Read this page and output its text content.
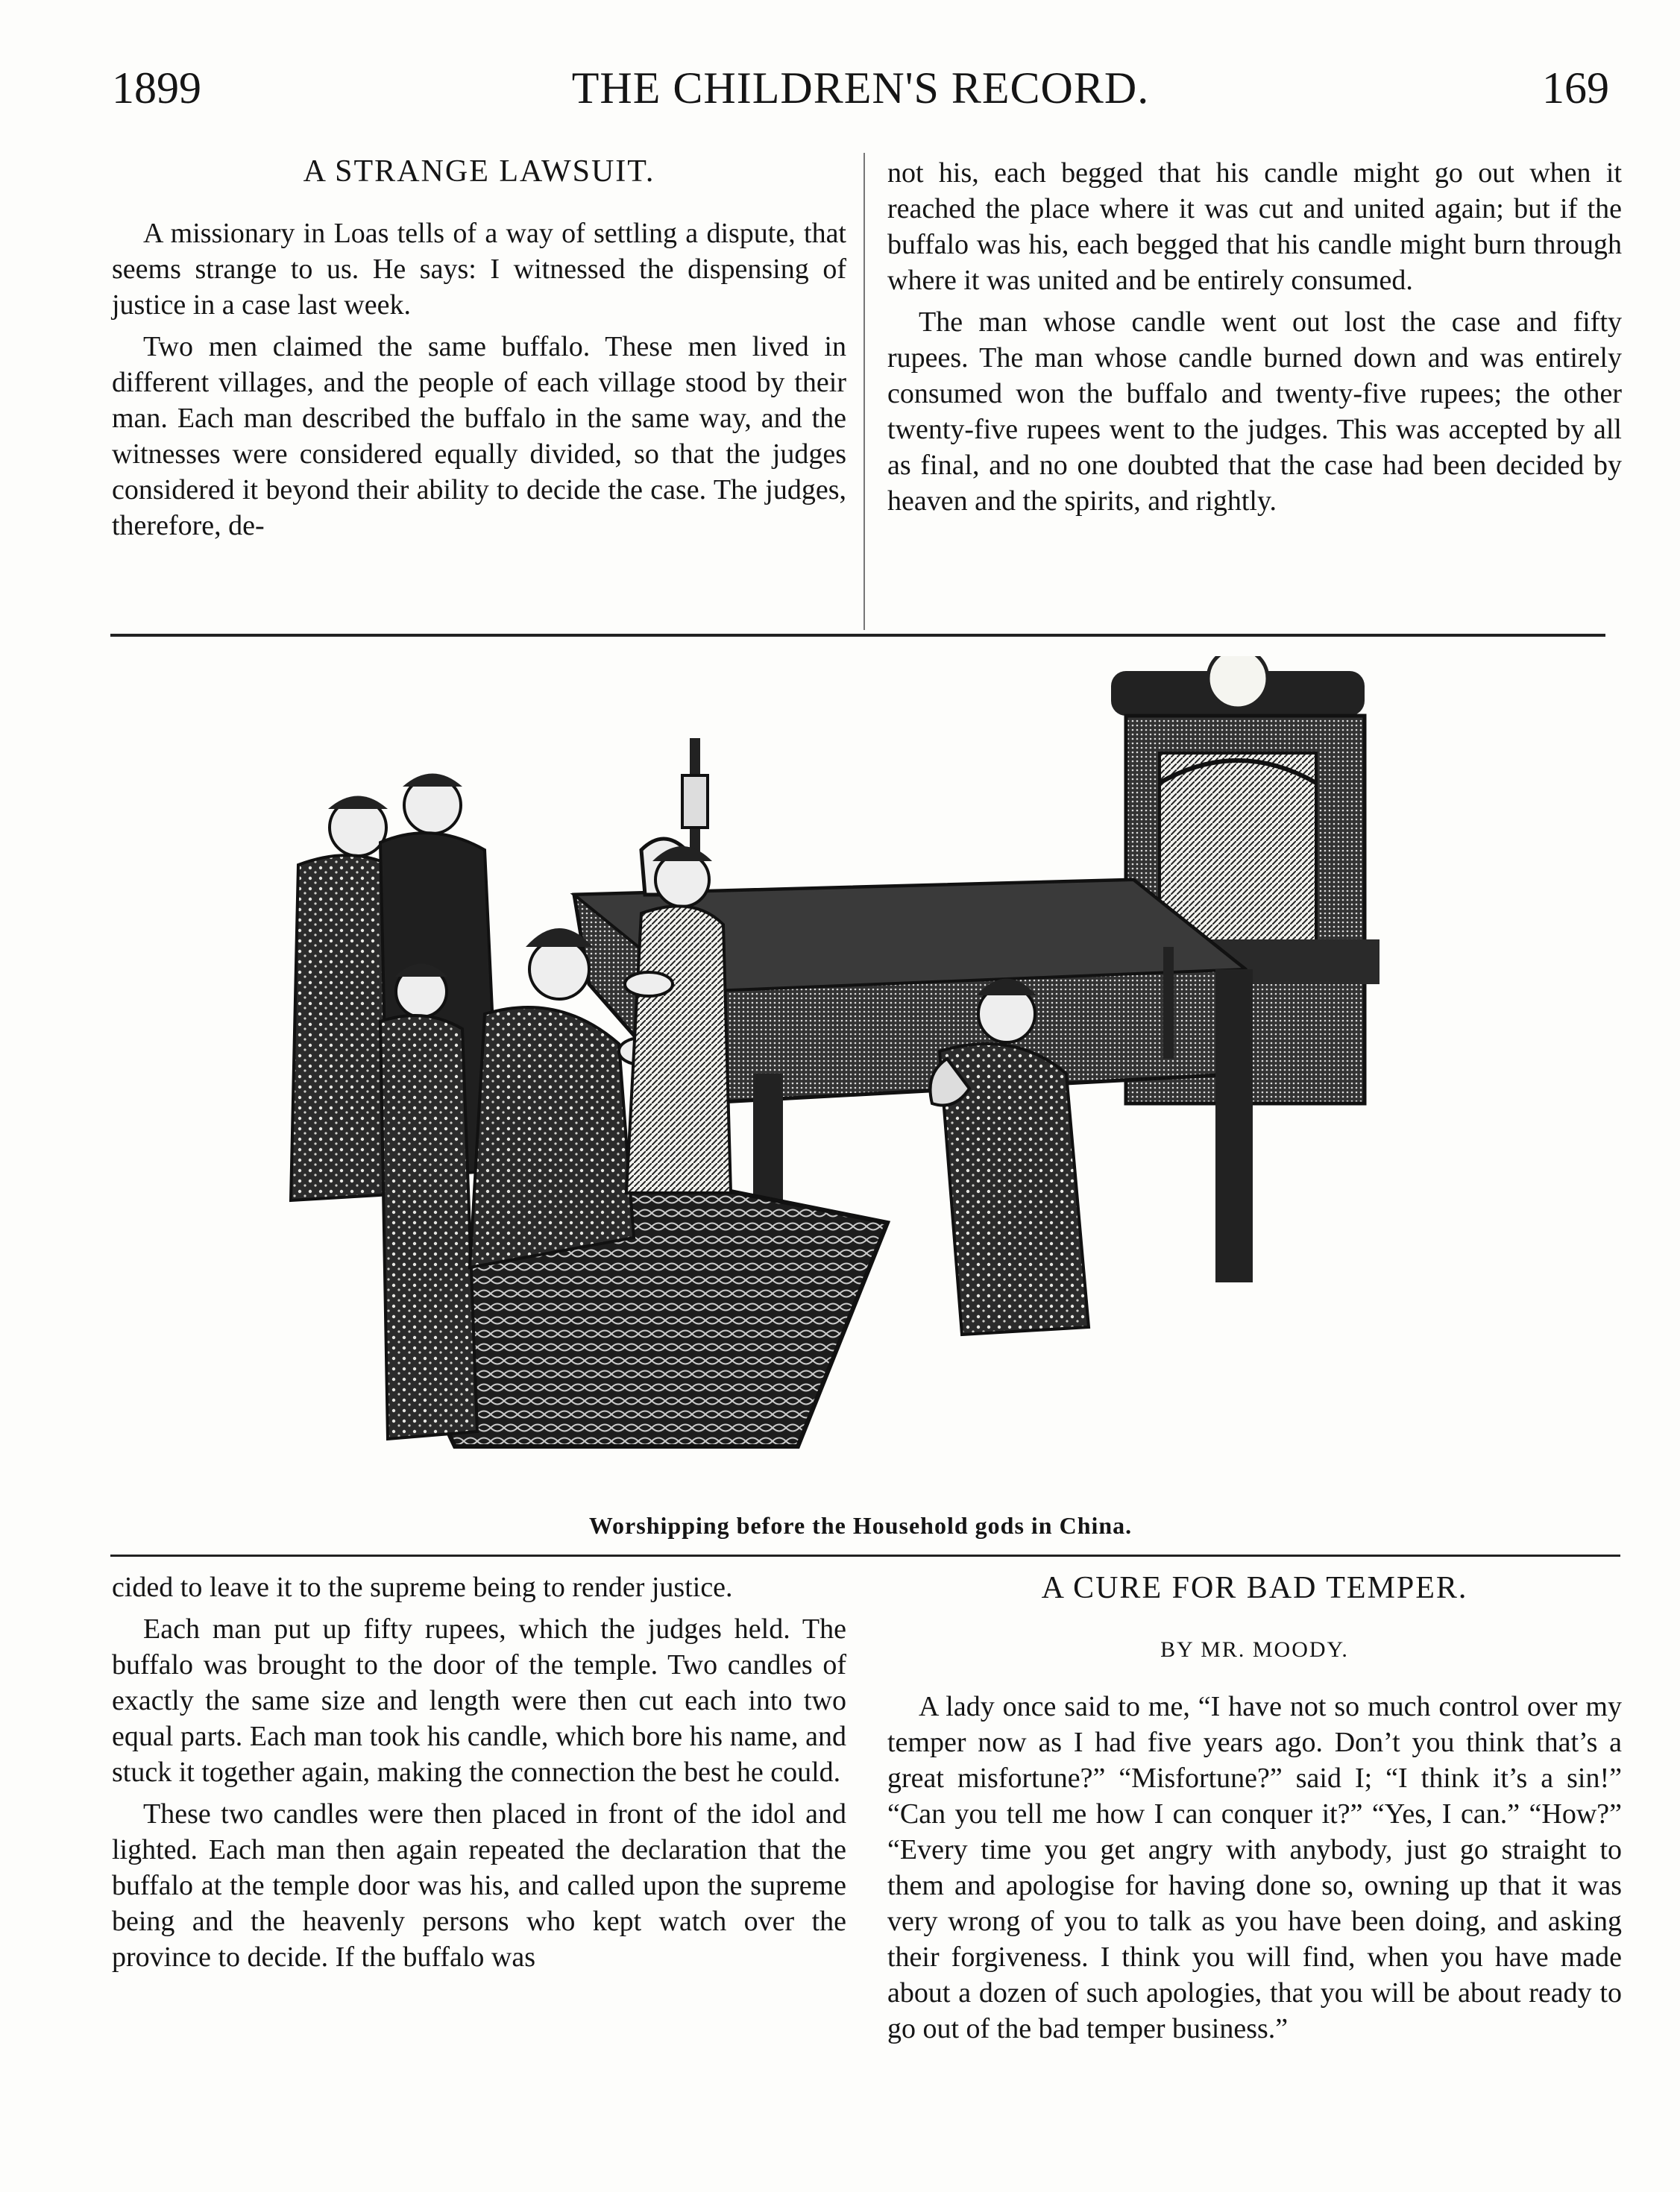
1899	THE CHILDREN'S RECORD.	169
A STRANGE LAWSUIT.

A missionary in Loas tells of a way of settling a dispute, that seems strange to us. He says: I witnessed the dispensing of justice in a case last week.

Two men claimed the same buffalo. These men lived in different villages, and the people of each village stood by their man. Each man described the buffalo in the same way, and the witnesses were considered equally divided, so that the judges considered it beyond their ability to decide the case. The judges, therefore, de-

not his, each begged that his candle might go out when it reached the place where it was cut and united again; but if the buffalo was his, each begged that his candle might burn through where it was united and be entirely consumed.

The man whose candle went out lost the case and fifty rupees. The man whose candle burned down and was entirely consumed won the buffalo and twenty-five rupees; the other twenty-five rupees went to the judges. This was accepted by all as final, and no one doubted that the case had been decided by heaven and the spirits, and rightly.

Worshipping before the Household gods in China.

cided to leave it to the supreme being to render justice.

Each man put up fifty rupees, which the judges held. The buffalo was brought to the door of the temple. Two candles of exactly the same size and length were then cut each into two equal parts. Each man took his candle, which bore his name, and stuck it together again, making the connection the best he could.

These two candles were then placed in front of the idol and lighted. Each man then again repeated the declaration that the buffalo at the temple door was his, and called upon the supreme being and the heavenly persons who kept watch over the province to decide. If the buffalo was

A CURE FOR BAD TEMPER.
BY MR. MOODY.

A lady once said to me, “I have not so much control over my temper now as I had five years ago. Don’t you think that’s a great misfortune?” “Misfortune?” said I; “I think it’s a sin!” “Can you tell me how I can conquer it?” “Yes, I can.” “How?” “Every time you get angry with anybody, just go straight to them and apologise for having done so, owning up that it was very wrong of you to talk as you have been doing, and asking their forgiveness. I think you will find, when you have made about a dozen of such apologies, that you will be about ready to go out of the bad temper business.”
